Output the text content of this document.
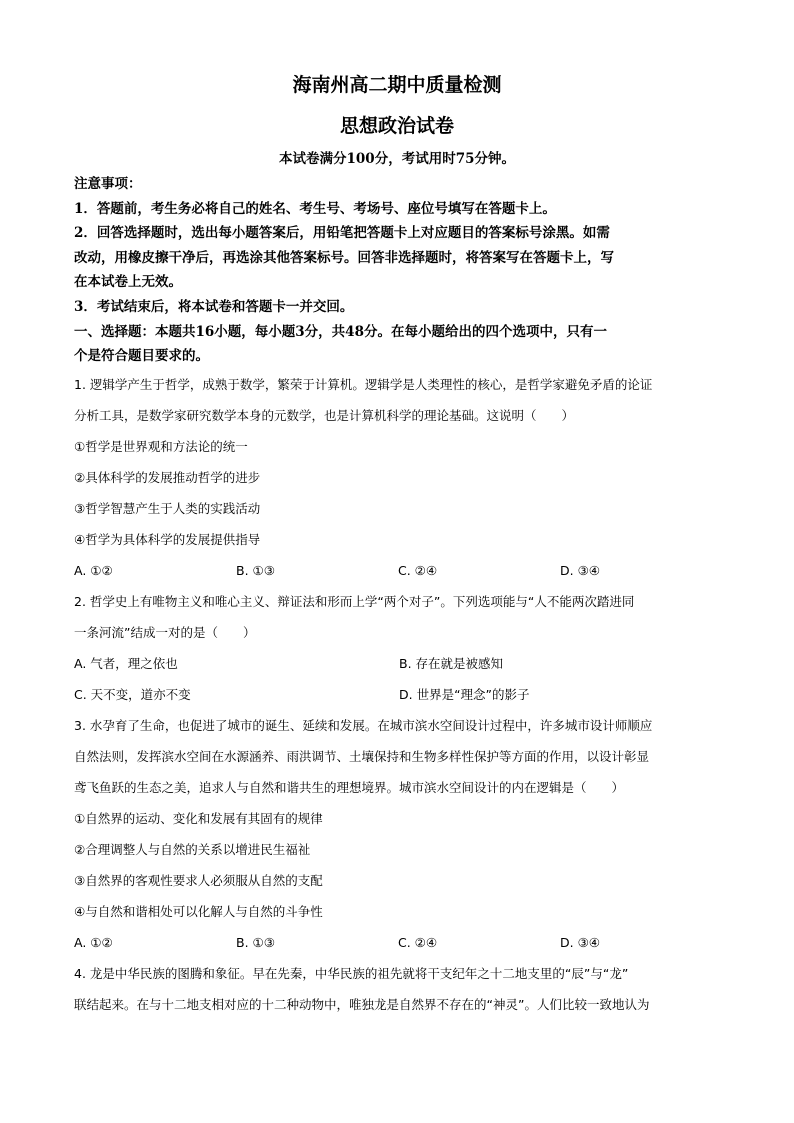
海南州高二期中质量检测
思想政治试卷
本试卷满分100分，考试用时75分钟。
注意事项：
1．答题前，考生务必将自己的姓名、考生号、考场号、座位号填写在答题卡上。
2．回答选择题时，选出每小题答案后，用铅笔把答题卡上对应题目的答案标号涂黑。如需
改动，用橡皮擦干净后，再选涂其他答案标号。回答非选择题时，将答案写在答题卡上，写
在本试卷上无效。
3．考试结束后，将本试卷和答题卡一并交回。
一、选择题：本题共16小题，每小题3分，共48分。在每小题给出的四个选项中，只有一
个是符合题目要求的。
1. 逻辑学产生于哲学，成熟于数学，繁荣于计算机。逻辑学是人类理性的核心，是哲学家避免矛盾的论证
分析工具，是数学家研究数学本身的元数学，也是计算机科学的理论基础。这说明（　　）
①哲学是世界观和方法论的统一
②具体科学的发展推动哲学的进步
③哲学智慧产生于人类的实践活动
④哲学为具体科学的发展提供指导
A. ①②	B. ①③	C. ②④	D. ③④
2. 哲学史上有唯物主义和唯心主义、辩证法和形而上学“两个对子”。下列选项能与“人不能两次踏进同
一条河流”结成一对的是（　　）
A. 气者，理之依也	B. 存在就是被感知
C. 天不变，道亦不变	D. 世界是“理念”的影子
3. 水孕育了生命，也促进了城市的诞生、延续和发展。在城市滨水空间设计过程中，许多城市设计师顺应
自然法则，发挥滨水空间在水源涵养、雨洪调节、土壤保持和生物多样性保护等方面的作用，以设计彰显
鸢飞鱼跃的生态之美，追求人与自然和谐共生的理想境界。城市滨水空间设计的内在逻辑是（　　）
①自然界的运动、变化和发展有其固有的规律
②合理调整人与自然的关系以增进民生福祉
③自然界的客观性要求人必须服从自然的支配
④与自然和谐相处可以化解人与自然的斗争性
A. ①②	B. ①③	C. ②④	D. ③④
4. 龙是中华民族的图腾和象征。早在先秦，中华民族的祖先就将干支纪年之十二地支里的“辰”与“龙”
联结起来。在与十二地支相对应的十二种动物中，唯独龙是自然界不存在的“神灵”。人们比较一致地认为
